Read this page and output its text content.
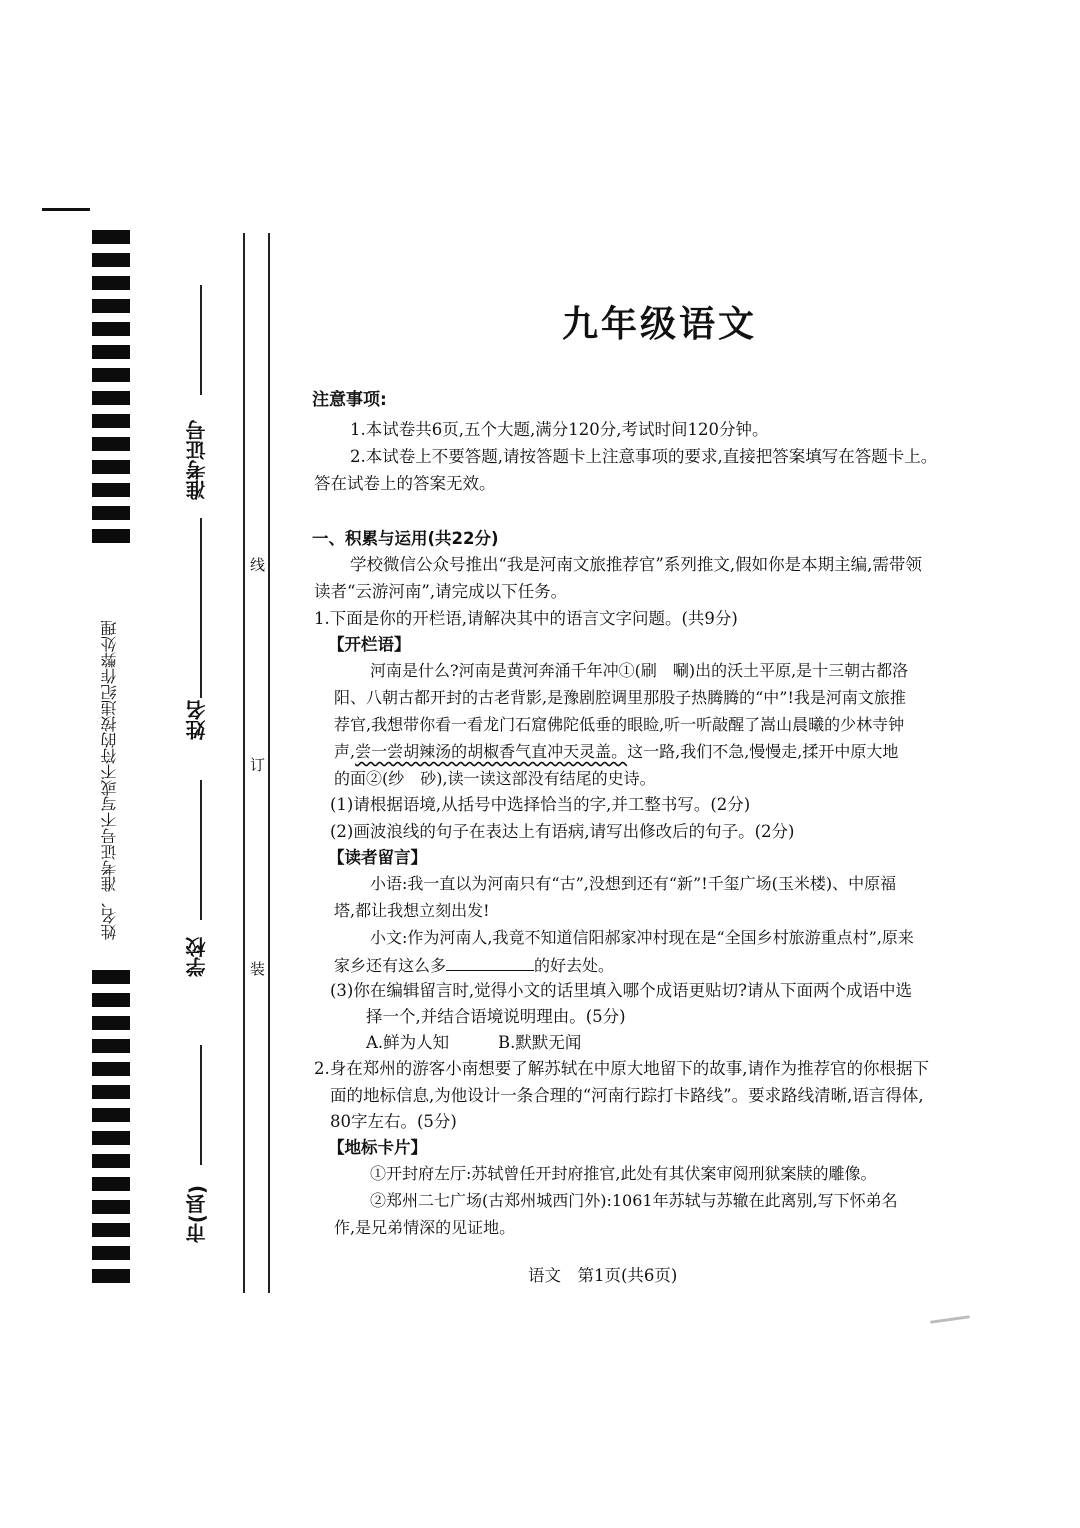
姓名、准考证号不写或不符的按违纪作弊处理
准考证号
姓名
学校
市(县)
线
订
装
九年级语文
注意事项:
1.本试卷共6页,五个大题,满分120分,考试时间120分钟。
2.本试卷上不要答题,请按答题卡上注意事项的要求,直接把答案填写在答题卡上。
答在试卷上的答案无效。
一、积累与运用(共22分)
学校微信公众号推出“我是河南文旅推荐官”系列推文,假如你是本期主编,需带领
读者“云游河南”,请完成以下任务。
1.下面是你的开栏语,请解决其中的语言文字问题。(共9分)
【开栏语】
河南是什么?河南是黄河奔涌千年冲①(刷　唰)出的沃土平原,是十三朝古都洛
阳、八朝古都开封的古老背影,是豫剧腔调里那股子热腾腾的“中”!我是河南文旅推
荐官,我想带你看一看龙门石窟佛陀低垂的眼睑,听一听敲醒了嵩山晨曦的少林寺钟
声,尝一尝胡辣汤的胡椒香气直冲天灵盖。这一路,我们不急,慢慢走,揉开中原大地
的面②(纱　砂),读一读这部没有结尾的史诗。
(1)请根据语境,从括号中选择恰当的字,并工整书写。(2分)
(2)画波浪线的句子在表达上有语病,请写出修改后的句子。(2分)
【读者留言】
小语:我一直以为河南只有“古”,没想到还有“新”!千玺广场(玉米楼)、中原福
塔,都让我想立刻出发!
小文:作为河南人,我竟不知道信阳郝家冲村现在是“全国乡村旅游重点村”,原来
家乡还有这么多	的好去处。
(3)你在编辑留言时,觉得小文的话里填入哪个成语更贴切?请从下面两个成语中选
择一个,并结合语境说明理由。(5分)
A.鲜为人知	B.默默无闻
2.身在郑州的游客小南想要了解苏轼在中原大地留下的故事,请作为推荐官的你根据下
面的地标信息,为他设计一条合理的“河南行踪打卡路线”。要求路线清晰,语言得体,
80字左右。(5分)
【地标卡片】
①开封府左厅:苏轼曾任开封府推官,此处有其伏案审阅刑狱案牍的雕像。
②郑州二七广场(古郑州城西门外):1061年苏轼与苏辙在此离别,写下怀弟名
作,是兄弟情深的见证地。
语文　第1页(共6页)
